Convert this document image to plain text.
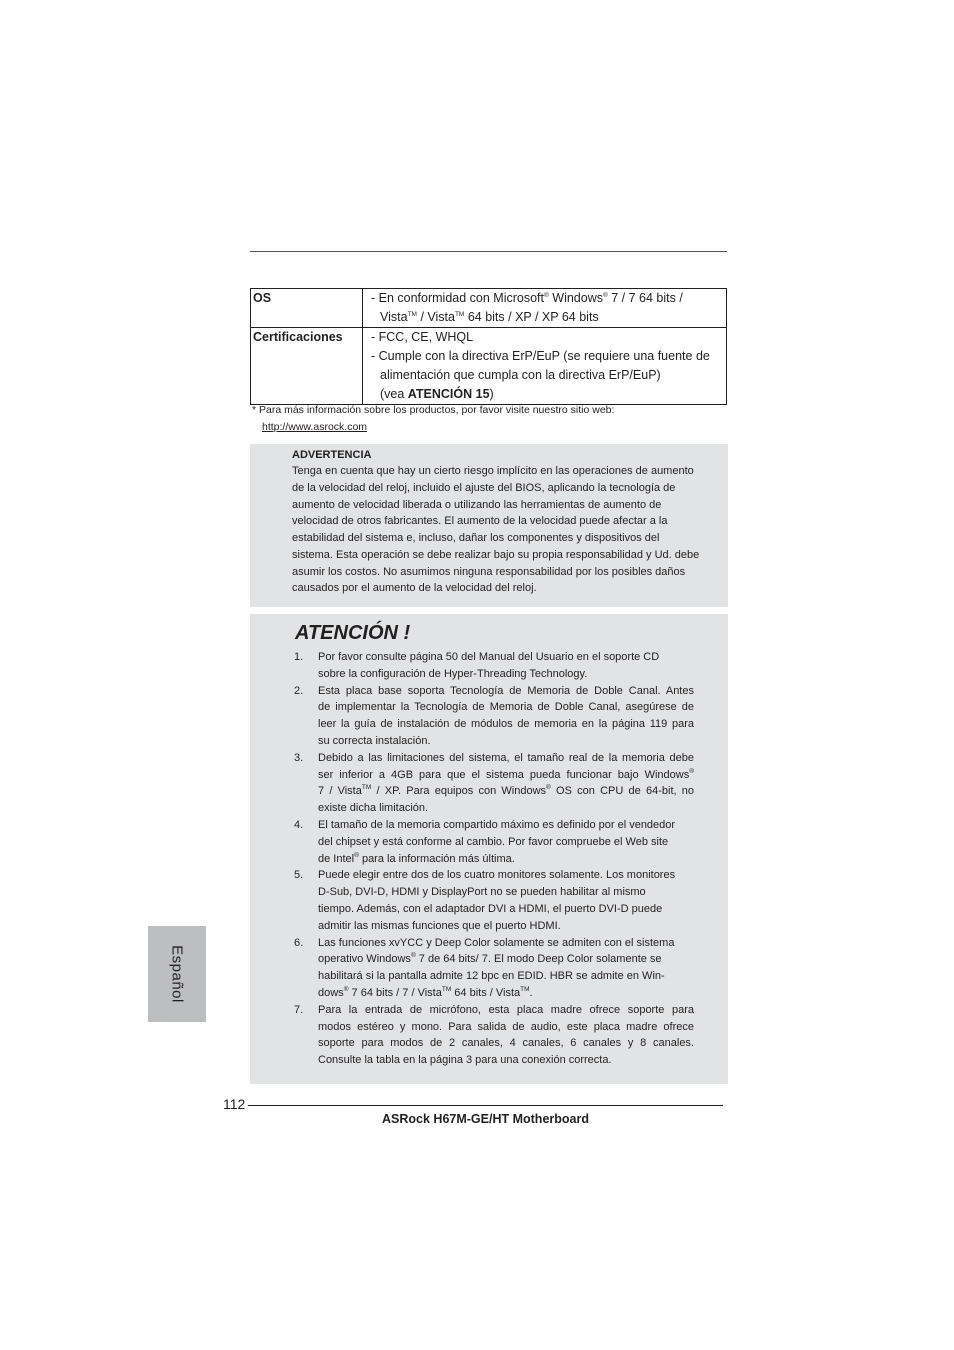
OS	- En conformidad con Microsoft® Windows® 7 / 7 64 bits /
Vista™ / Vista™ 64 bits / XP / XP 64 bits

Certificaciones	- FCC, CE, WHQL
- Cumple con la directiva ErP/EuP (se requiere una fuente de
alimentación que cumpla con la directiva ErP/EuP)
(vea ATENCIÓN 15)
* Para más información sobre los productos, por favor visite nuestro sitio web:
http://www.asrock.com
ADVERTENCIA
Tenga en cuenta que hay un cierto riesgo implícito en las operaciones de aumento
de la velocidad del reloj, incluido el ajuste del BIOS, aplicando la tecnología de
aumento de velocidad liberada o utilizando las herramientas de aumento de
velocidad de otros fabricantes. El aumento de la velocidad puede afectar a la
estabilidad del sistema e, incluso, dañar los componentes y dispositivos del
sistema. Esta operación se debe realizar bajo su propia responsabilidad y Ud. debe
asumir los costos. No asumimos ninguna responsabilidad por los posibles daños
causados por el aumento de la velocidad del reloj.
ATENCIÓN !
1. Por favor consulte página 50 del Manual del Usuario en el soporte CD
sobre la configuración de Hyper-Threading Technology.
2. Esta placa base soporta Tecnología de Memoria de Doble Canal. Antes
de implementar la Tecnología de Memoria de Doble Canal, asegúrese de
leer la guía de instalación de módulos de memoria en la página 119 para
su correcta instalación.
3. Debido a las limitaciones del sistema, el tamaño real de la memoria debe
ser inferior a 4GB para que el sistema pueda funcionar bajo Windows®
7 / Vista™ / XP. Para equipos con Windows® OS con CPU de 64-bit, no
existe dicha limitación.
4. El tamaño de la memoria compartido máximo es definido por el vendedor
del chipset y está conforme al cambio. Por favor compruebe el Web site
de Intel® para la información más última.
5. Puede elegir entre dos de los cuatro monitores solamente. Los monitores
D-Sub, DVI-D, HDMI y DisplayPort no se pueden habilitar al mismo
tiempo. Además, con el adaptador DVI a HDMI, el puerto DVI-D puede
admitir las mismas funciones que el puerto HDMI.
6. Las funciones xvYCC y Deep Color solamente se admiten con el sistema
operativo Windows® 7 de 64 bits/ 7. El modo Deep Color solamente se
habilitará si la pantalla admite 12 bpc en EDID. HBR se admite en Win-
dows® 7 64 bits / 7 / Vista™ 64 bits / Vista™.
7. Para la entrada de micrófono, esta placa madre ofrece soporte para
modos estéreo y mono. Para salida de audio, este placa madre ofrece
soporte para modos de 2 canales, 4 canales, 6 canales y 8 canales.
Consulte la tabla en la página 3 para una conexión correcta.
Español
112
ASRock H67M-GE/HT Motherboard
